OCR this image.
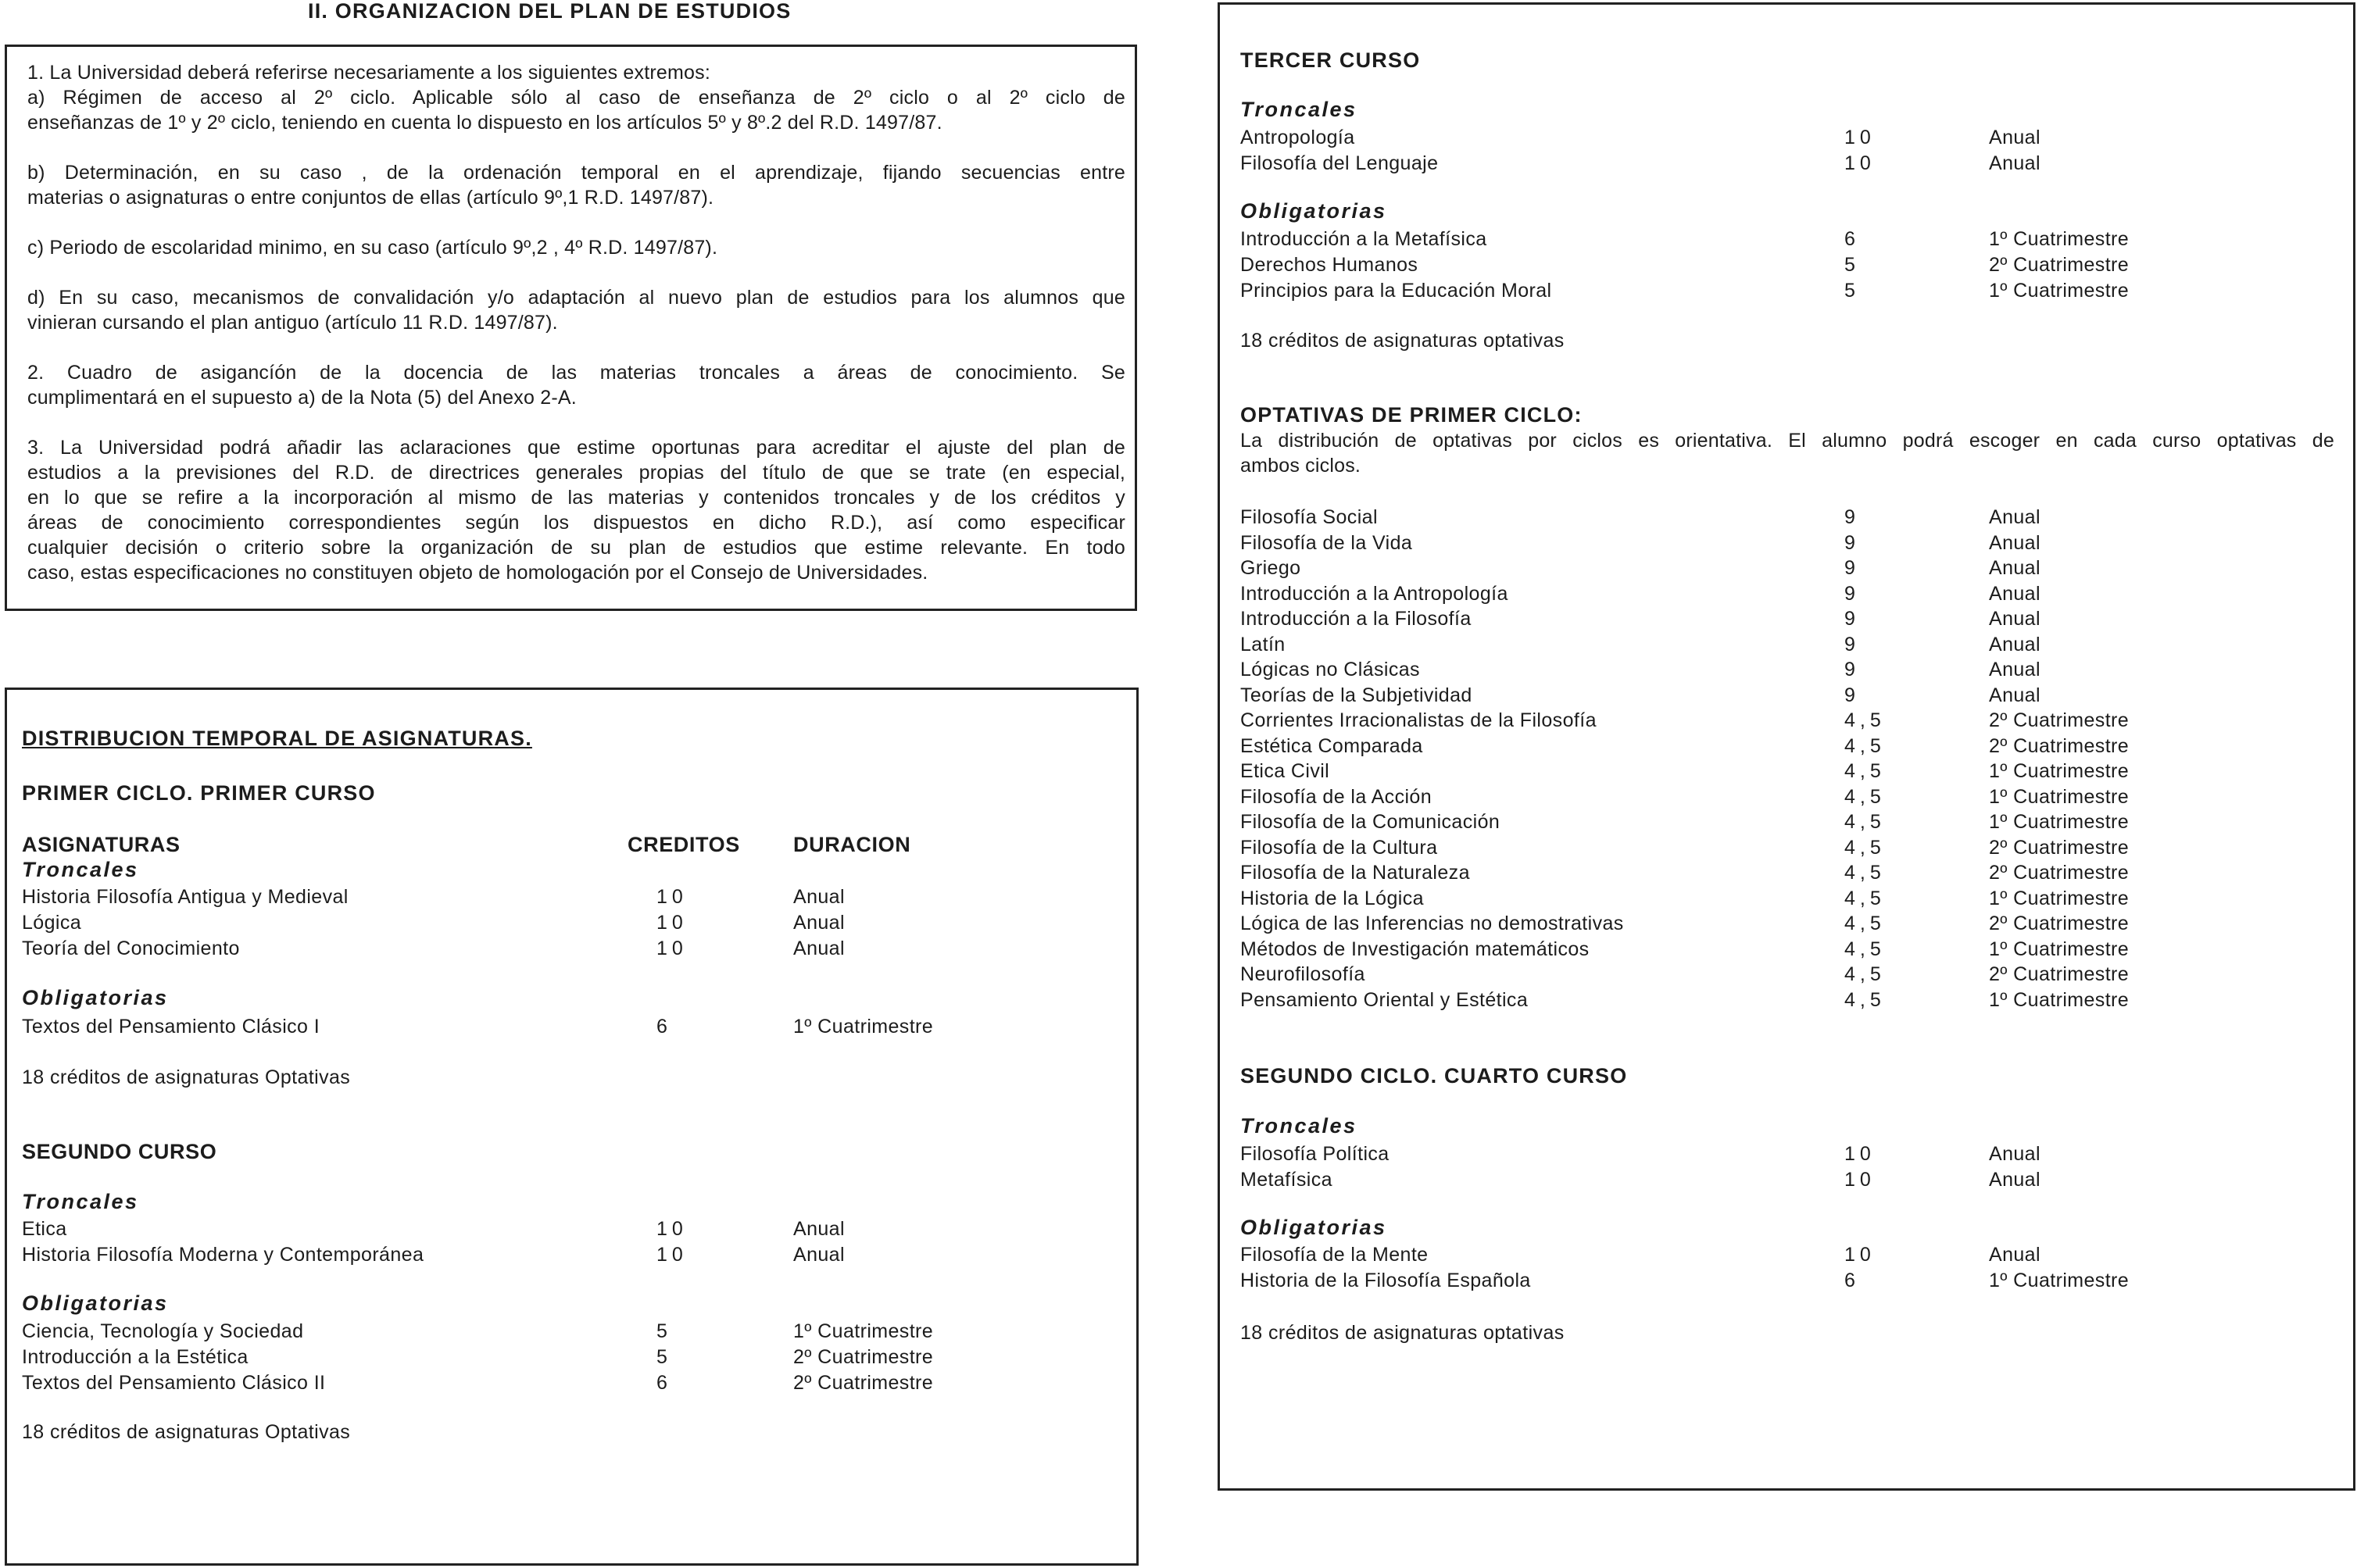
II. ORGANIZACION DEL PLAN DE ESTUDIOS
1. La Universidad deberá referirse necesariamente a los siguientes extremos:
a) Régimen de acceso al 2º ciclo. Aplicable sólo al caso de enseñanza de 2º ciclo o al 2º ciclo de
enseñanzas de 1º y 2º ciclo, teniendo en cuenta lo dispuesto en los artículos 5º y 8º.2 del R.D. 1497/87.
b) Determinación, en su caso , de la ordenación temporal en el aprendizaje, fijando secuencias entre
materias o asignaturas o entre conjuntos de ellas (artículo 9º,1 R.D. 1497/87).
c) Periodo de escolaridad minimo, en su caso (artículo 9º,2 , 4º R.D. 1497/87).
d) En su caso, mecanismos de convalidación y/o adaptación al nuevo plan de estudios para los alumnos que
vinieran cursando el plan antiguo (artículo 11 R.D. 1497/87).
2. Cuadro de asigancíón de la docencia de las materias troncales a áreas de conocimiento. Se
cumplimentará en el supuesto a) de la Nota (5) del Anexo 2-A.
3. La Universidad podrá añadir las aclaraciones que estime oportunas para acreditar el ajuste del plan de
estudios a la previsiones del R.D. de directrices generales propias del título de que se trate (en especial,
en lo que se refire a la incorporación al mismo de las materias y contenidos troncales y de los créditos y
áreas de conocimiento correspondientes según los dispuestos en dicho R.D.), así como especificar
cualquier decisión o criterio sobre la organización de su plan de estudios que estime relevante. En todo
caso, estas especificaciones no constituyen objeto de homologación por el Consejo de Universidades.
DISTRIBUCION TEMPORAL DE ASIGNATURAS.
PRIMER CICLO. PRIMER CURSO
ASIGNATURAS	CREDITOS	DURACION
Troncales
Historia Filosofía Antigua y Medieval	10	Anual
Lógica	10	Anual
Teoría del Conocimiento	10	Anual
Obligatorias
Textos del Pensamiento Clásico I	6	1º Cuatrimestre
18 créditos de asignaturas Optativas
SEGUNDO CURSO
Troncales
Etica	10	Anual
Historia Filosofía Moderna y Contemporánea	10	Anual
Obligatorias
Ciencia, Tecnología y Sociedad	5	1º Cuatrimestre
Introducción a la Estética	5	2º Cuatrimestre
Textos del Pensamiento Clásico II	6	2º Cuatrimestre
18 créditos de asignaturas Optativas
TERCER CURSO
Troncales
Antropología	10	Anual
Filosofía del Lenguaje	10	Anual
Obligatorias
Introducción a la Metafísica	6	1º Cuatrimestre
Derechos Humanos	5	2º Cuatrimestre
Principios para la Educación Moral	5	1º Cuatrimestre
18 créditos de asignaturas optativas
OPTATIVAS DE PRIMER CICLO:
La distribución de optativas por ciclos es orientativa. El alumno podrá escoger en cada curso optativas de
ambos ciclos.
Filosofía Social	9	Anual
Filosofía de la Vida	9	Anual
Griego	9	Anual
Introducción a la Antropología	9	Anual
Introducción a la Filosofía	9	Anual
Latín	9	Anual
Lógicas no Clásicas	9	Anual
Teorías de la Subjetividad	9	Anual
Corrientes Irracionalistas de la Filosofía	4,5	2º Cuatrimestre
Estética Comparada	4,5	2º Cuatrimestre
Etica Civil	4,5	1º Cuatrimestre
Filosofía de la Acción	4,5	1º Cuatrimestre
Filosofía de la Comunicación	4,5	1º Cuatrimestre
Filosofía de la Cultura	4,5	2º Cuatrimestre
Filosofía de la Naturaleza	4,5	2º Cuatrimestre
Historia de la Lógica	4,5	1º Cuatrimestre
Lógica de las Inferencias no demostrativas	4,5	2º Cuatrimestre
Métodos de Investigación matemáticos	4,5	1º Cuatrimestre
Neurofilosofía	4,5	2º Cuatrimestre
Pensamiento Oriental y Estética	4,5	1º Cuatrimestre
SEGUNDO CICLO. CUARTO CURSO
Troncales
Filosofía Política	10	Anual
Metafísica	10	Anual
Obligatorias
Filosofía de la Mente	10	Anual
Historia de la Filosofía Española	6	1º Cuatrimestre
18 créditos de asignaturas optativas
